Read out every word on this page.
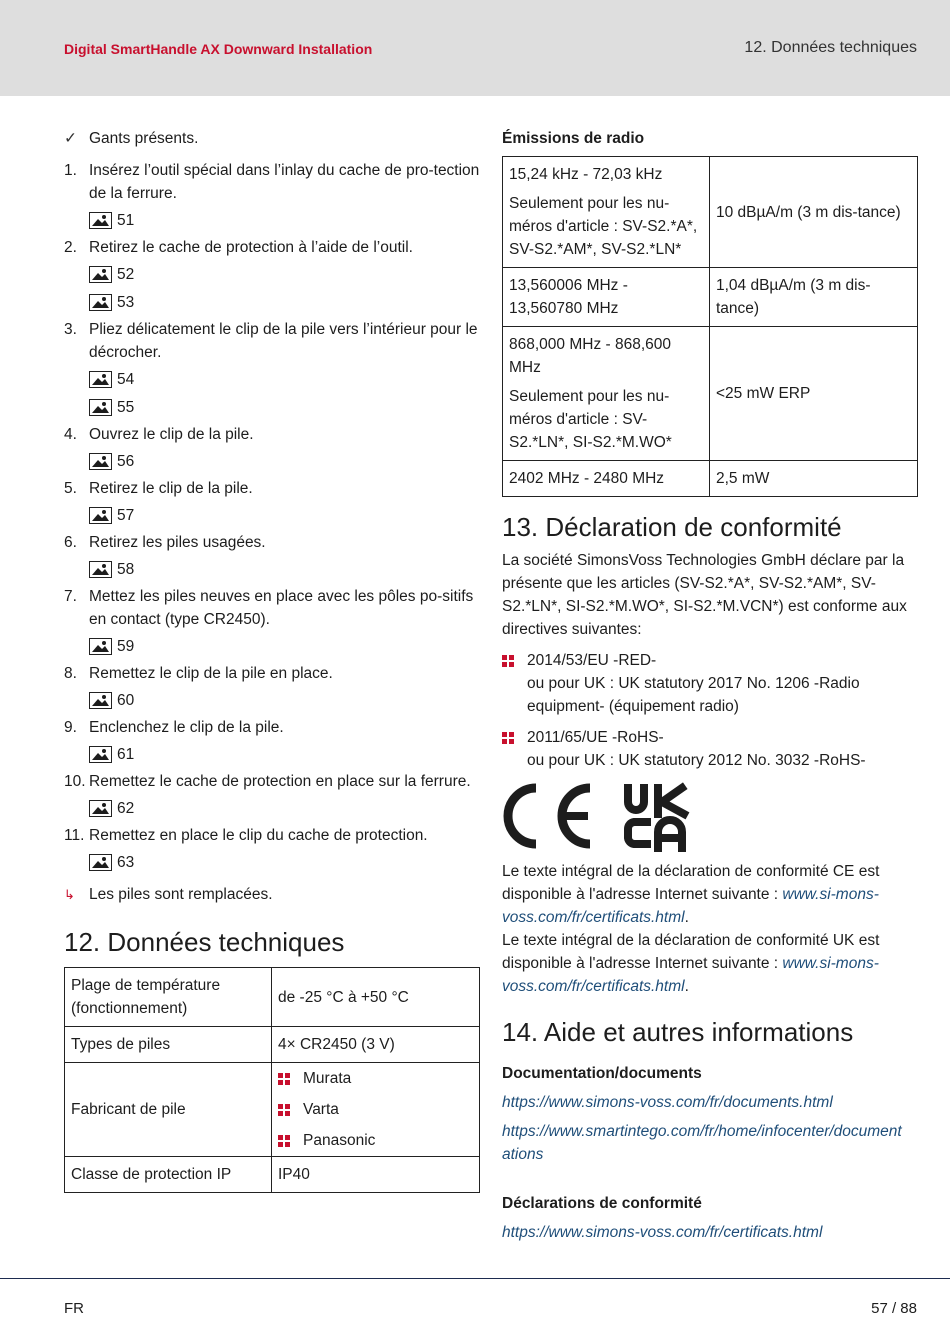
Digital SmartHandle AX Downward Installation	12. Données techniques
✓ Gants présents.
1. Insérez l’outil spécial dans l’inlay du cache de pro-tection de la ferrure.
51
2. Retirez le cache de protection à l’aide de l’outil.
52
53
3. Pliez délicatement le clip de la pile vers l’intérieur pour le décrocher.
54
55
4. Ouvrez le clip de la pile.
56
5. Retirez le clip de la pile.
57
6. Retirez les piles usagées.
58
7. Mettez les piles neuves en place avec les pôles po-sitifs en contact (type CR2450).
59
8. Remettez le clip de la pile en place.
60
9. Enclenchez le clip de la pile.
61
10. Remettez le cache de protection en place sur la ferrure.
62
11. Remettez en place le clip du cache de protection.
63
↳ Les piles sont remplacées.
12. Données techniques
Plage de température (fonctionnement)	de -25 °C à +50 °C
Types de piles	4× CR2450 (3 V)
Fabricant de pile	Murata
Varta
Panasonic

Classe de protection IP	IP40
Émissions de radio
15,24 kHz - 72,03 kHz
Seulement pour les nu-méros d'article : SV-S2.*A*, SV-S2.*AM*, SV-S2.*LN*	10 dBµA/m (3 m dis-tance)
13,560006 MHz - 13,560780 MHz	1,04 dBµA/m (3 m dis-tance)

868,000 MHz - 868,600 MHz
Seulement pour les nu-méros d'article : SV-S2.*LN*, SI-S2.*M.WO*	<25 mW ERP
2402 MHz - 2480 MHz	2,5 mW
13. Déclaration de conformité
La société SimonsVoss Technologies GmbH déclare par la présente que les articles (SV-S2.*A*, SV-S2.*AM*, SV-S2.*LN*, SI-S2.*M.WO*, SI-S2.*M.VCN*) est conforme aux directives suivantes:
2014/53/EU -RED-
ou pour UK : UK statutory 2017 No. 1206 -Radio equipment- (équipement radio)
2011/65/UE -RoHS-
ou pour UK : UK statutory 2012 No. 3032 -RoHS-
Le texte intégral de la déclaration de conformité CE est disponible à l'adresse Internet suivante : www.si-mons-voss.com/fr/certificats.html.
Le texte intégral de la déclaration de conformité UK est disponible à l'adresse Internet suivante : www.si-mons-voss.com/fr/certificats.html.
14. Aide et autres informations
Documentation/documents
https://www.simons-voss.com/fr/documents.html
https://www.smartintego.com/fr/home/infocenter/documentations
Déclarations de conformité
https://www.simons-voss.com/fr/certificats.html
FR	57 / 88
